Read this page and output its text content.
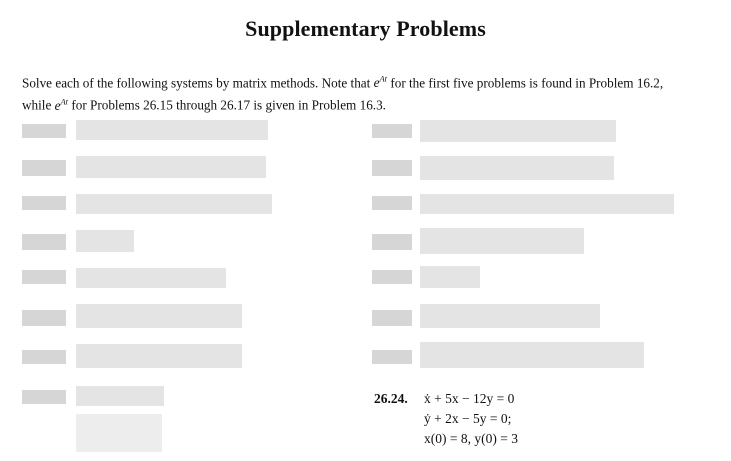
Supplementary Problems
Solve each of the following systems by matrix methods. Note that $e^{At}$ for the first five problems is found in Problem 16.2,
while $e^{At}$ for Problems 26.15 through 26.17 is given in Problem 16.3.
26.24. ẋ + 5x − 12y = 0
ẏ + 2x − 5y = 0;
x(0) = 8, y(0) = 3
